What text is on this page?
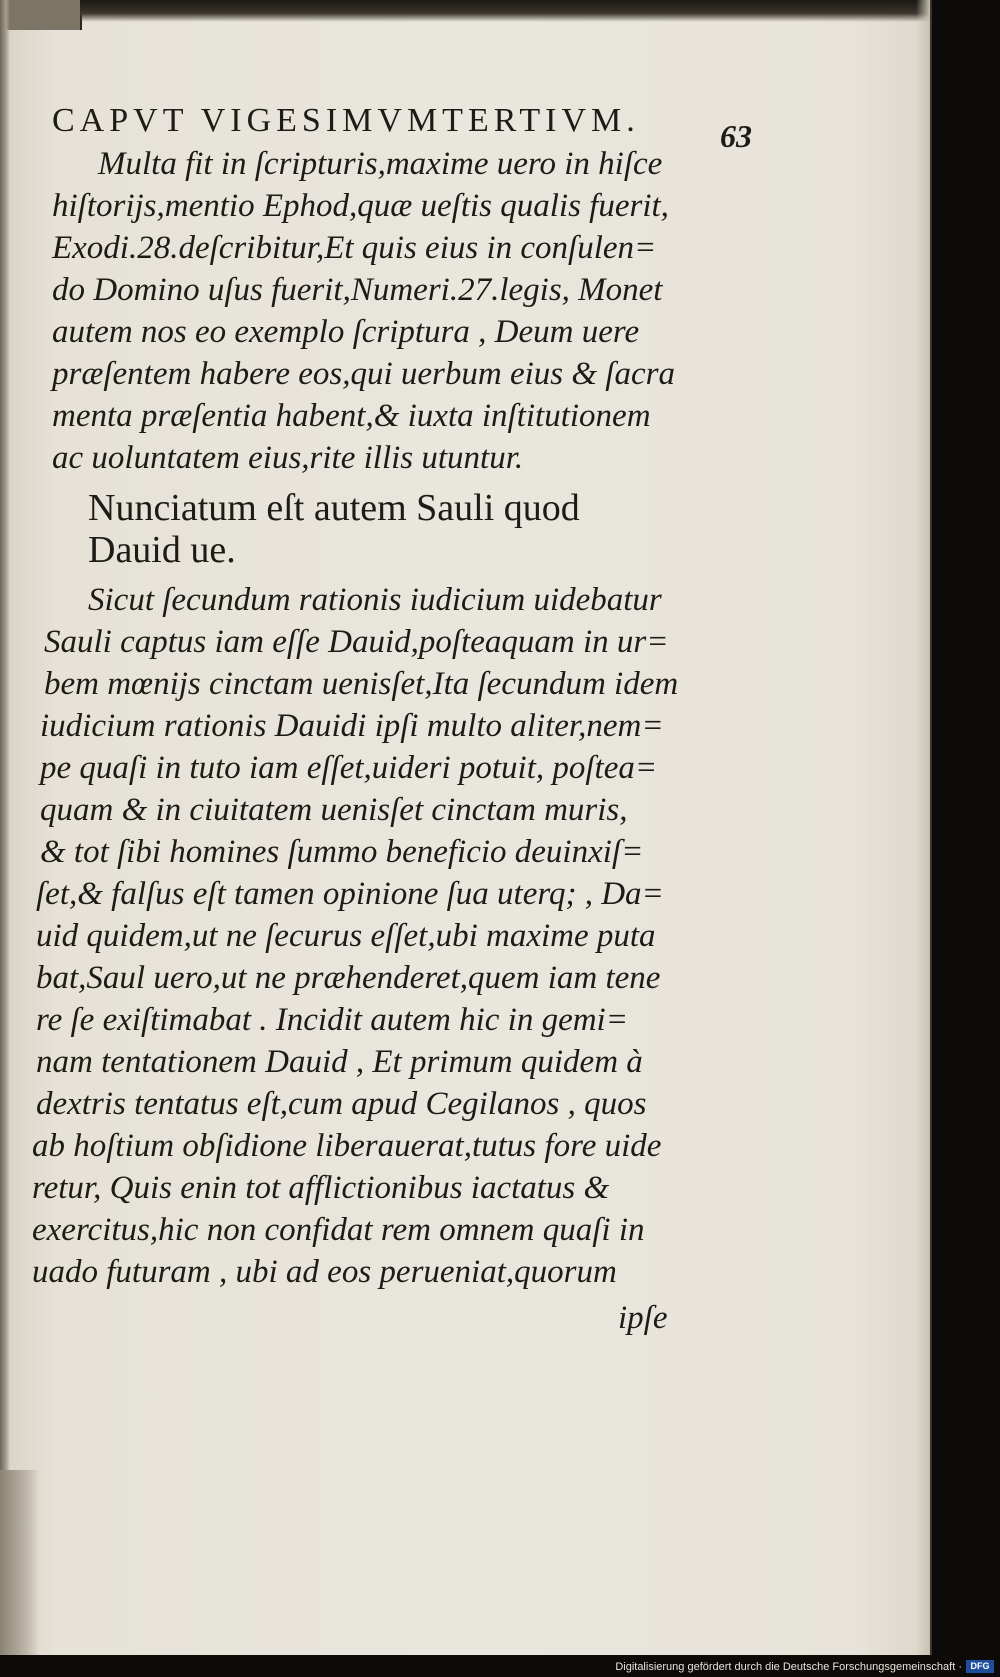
CAPVT VIGESIMVMTERTIVM.	63
Multa fit in ſcripturis,maxime uero in hiſce
hiſtorijs,mentio Ephod,quæ ueſtis qualis fuerit,
Exodi.28.deſcribitur,Et quis eius in conſulen=
do Domino uſus fuerit,Numeri.27.legis, Monet
autem nos eo exemplo ſcriptura , Deum uere
præſentem habere eos,qui uerbum eius & ſacra
menta præſentia habent,& iuxta inſtitutionem
ac uoluntatem eius,rite illis utuntur.
Nunciatum eſt autem Sauli quod
Dauid ue.
Sicut ſecundum rationis iudicium uidebatur
Sauli captus iam eſſe Dauid,poſteaquam in ur=
bem mœnijs cinctam uenisſet,Ita ſecundum idem
iudicium rationis Dauidi ipſi multo aliter,nem=
pe quaſi in tuto iam eſſet,uideri potuit, poſtea=
quam & in ciuitatem uenisſet cinctam muris,
& tot ſibi homines ſummo beneficio deuinxiſ=
ſet,& falſus eſt tamen opinione ſua uterq; , Da=
uid quidem,ut ne ſecurus eſſet,ubi maxime puta
bat,Saul uero,ut ne præhenderet,quem iam tene
re ſe exiſtimabat . Incidit autem hic in gemi=
nam tentationem Dauid , Et primum quidem à
dextris tentatus eſt,cum apud Cegilanos , quos
ab hoſtium obſidione liberauerat,tutus fore uide
retur, Quis enin tot afflictionibus iactatus &
exercitus,hic non confidat rem omnem quaſi in
uado futuram , ubi ad eos perueniat,quorum
ipſe
Digitalisierung gefördert durch die Deutsche Forschungsgemeinschaft · DFG
